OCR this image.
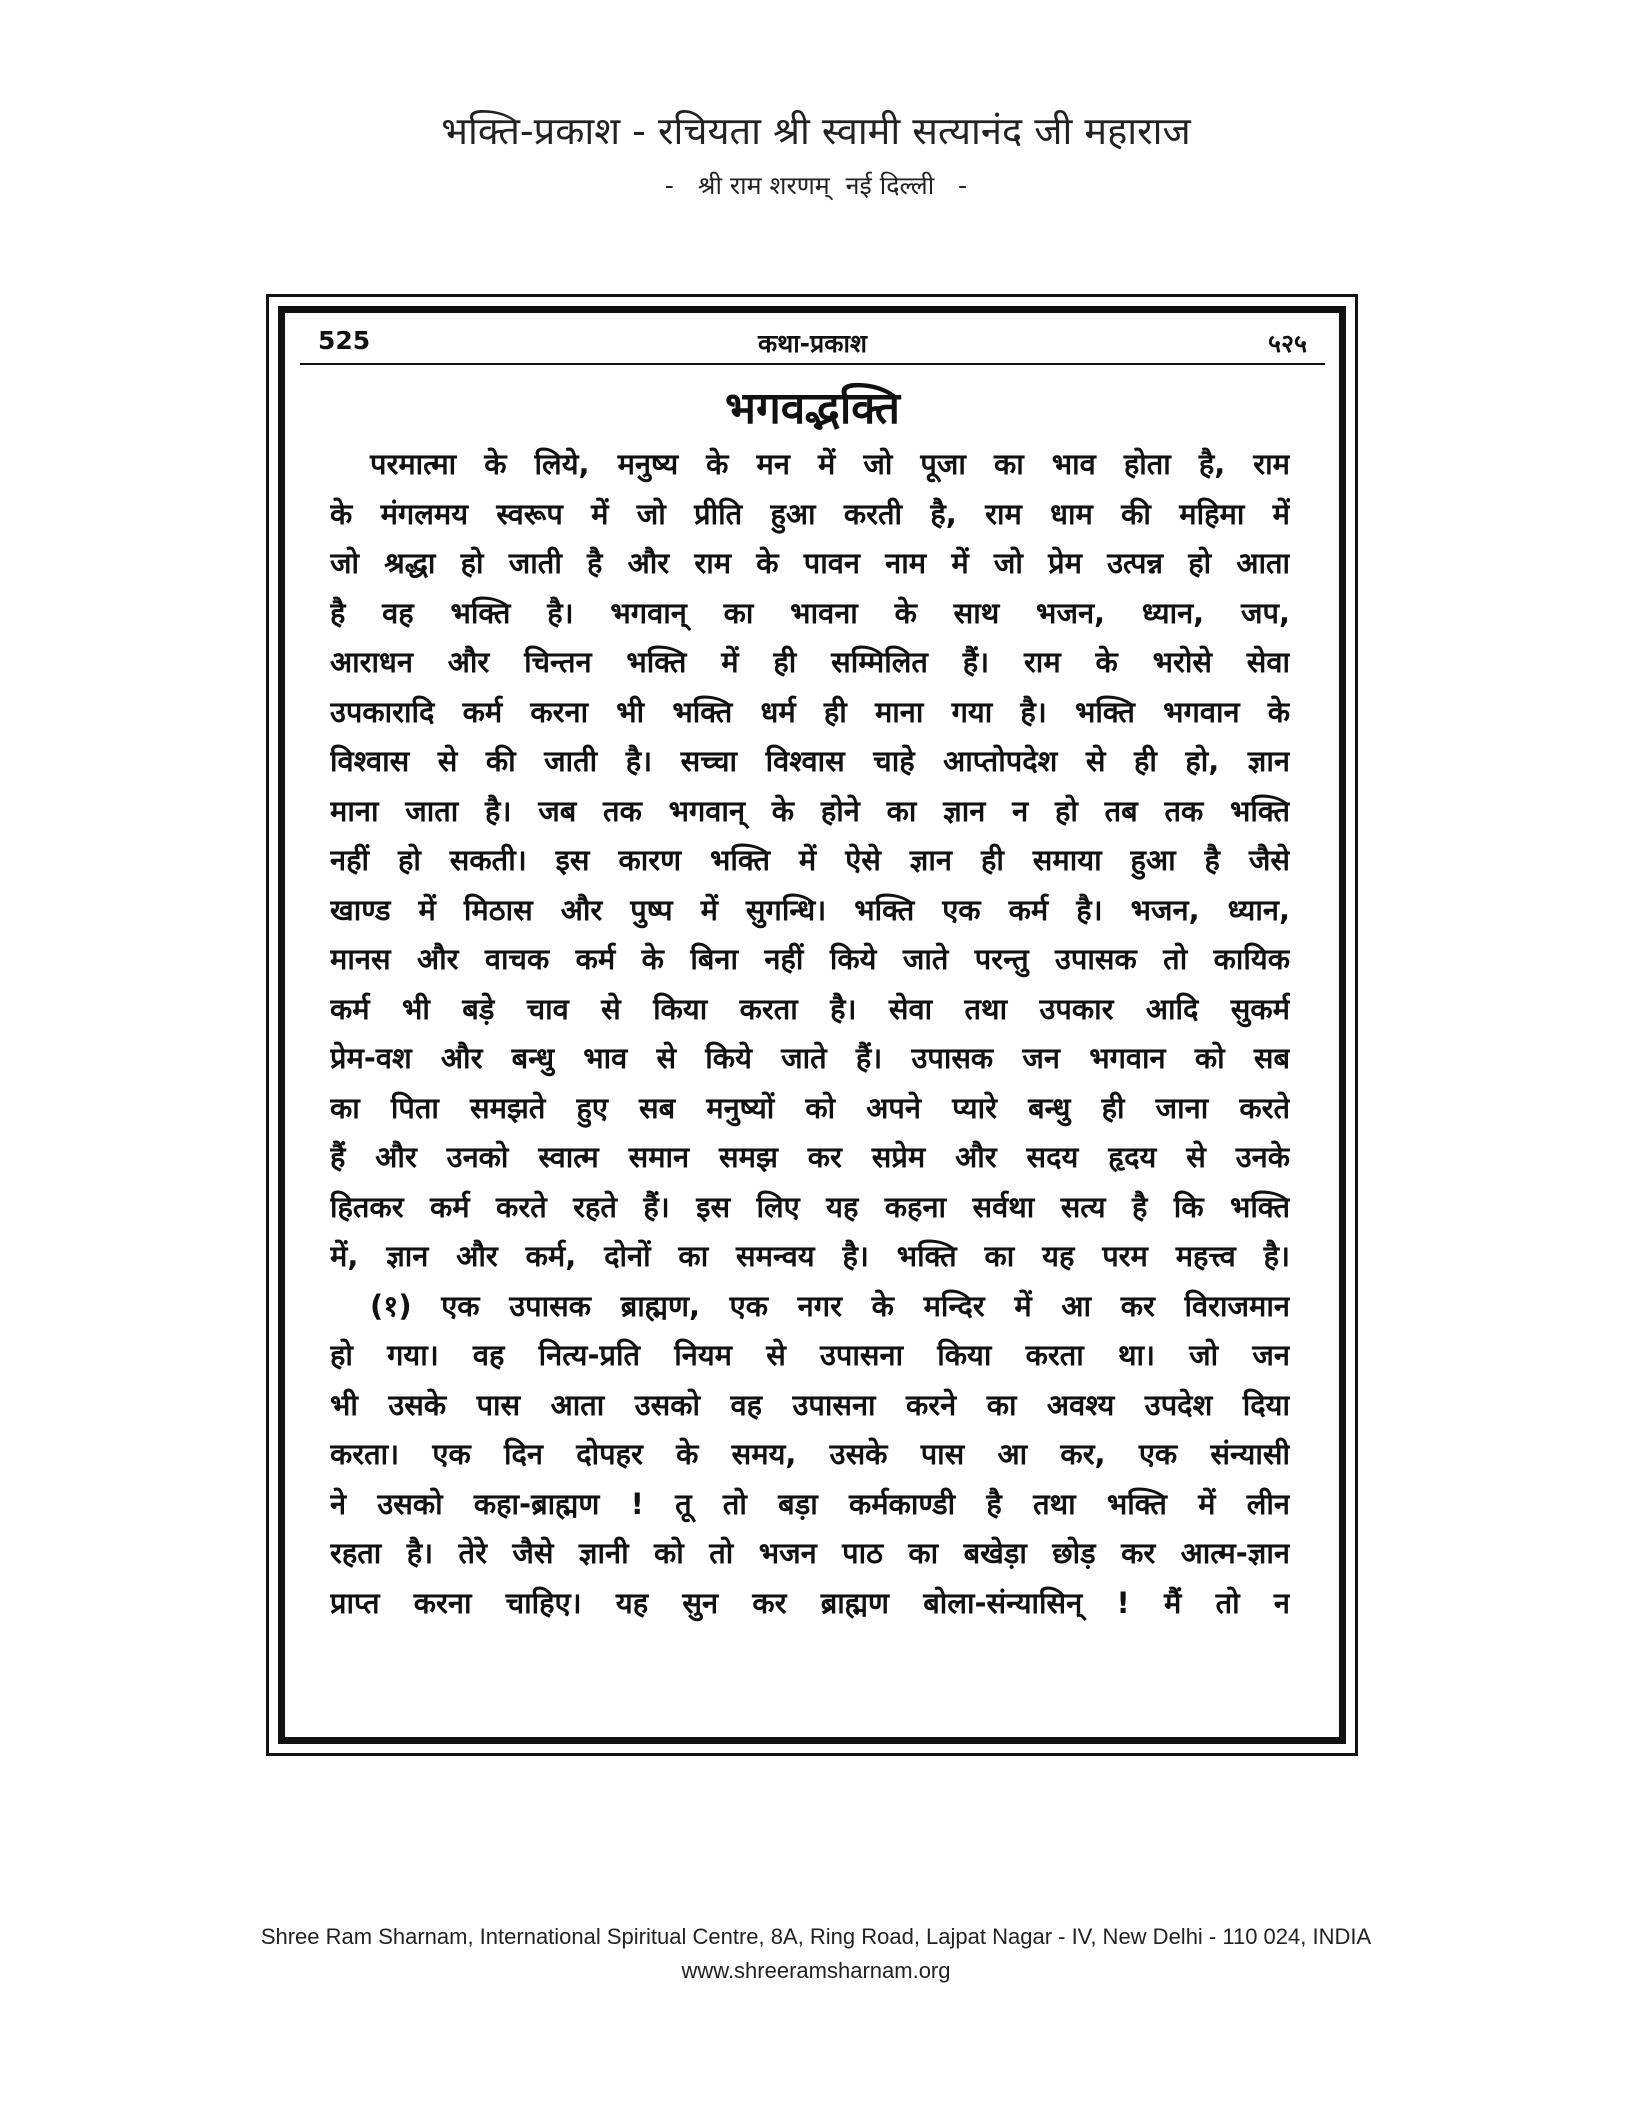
भक्ति-प्रकाश - रचियता श्री स्वामी सत्यानंद जी महाराज
-   श्री राम शरणम्  नई दिल्ली   -
कथा-प्रकाश
525	५२५
भगवद्भक्ति
परमात्मा के लिये, मनुष्य के मन में जो पूजा का भाव होता है, राम
के मंगलमय स्वरूप में जो प्रीति हुआ करती है, राम धाम की महिमा में
जो श्रद्धा हो जाती है और राम के पावन नाम में जो प्रेम उत्पन्न हो आता
है वह भक्ति है। भगवान् का भावना के साथ भजन, ध्यान, जप,
आराधन और चिन्तन भक्ति में ही सम्मिलित हैं। राम के भरोसे सेवा
उपकारादि कर्म करना भी भक्ति धर्म ही माना गया है। भक्ति भगवान के
विश्वास से की जाती है। सच्चा विश्वास चाहे आप्तोपदेश से ही हो, ज्ञान
माना जाता है। जब तक भगवान् के होने का ज्ञान न हो तब तक भक्ति
नहीं हो सकती। इस कारण भक्ति में ऐसे ज्ञान ही समाया हुआ है जैसे
खाण्ड में मिठास और पुष्प में सुगन्धि। भक्ति एक कर्म है। भजन, ध्यान,
मानस और वाचक कर्म के बिना नहीं किये जाते परन्तु उपासक तो कायिक
कर्म भी बड़े चाव से किया करता है। सेवा तथा उपकार आदि सुकर्म
प्रेम-वश और बन्धु भाव से किये जाते हैं। उपासक जन भगवान को सब
का पिता समझते हुए सब मनुष्यों को अपने प्यारे बन्धु ही जाना करते
हैं और उनको स्वात्म समान समझ कर सप्रेम और सदय हृदय से उनके
हितकर कर्म करते रहते हैं। इस लिए यह कहना सर्वथा सत्य है कि भक्ति
में, ज्ञान और कर्म, दोनों का समन्वय है। भक्ति का यह परम महत्त्व है।
(१) एक उपासक ब्राह्मण, एक नगर के मन्दिर में आ कर विराजमान
हो गया। वह नित्य-प्रति नियम से उपासना किया करता था। जो जन
भी उसके पास आता उसको वह उपासना करने का अवश्य उपदेश दिया
करता। एक दिन दोपहर के समय, उसके पास आ कर, एक संन्यासी
ने उसको कहा-ब्राह्मण ! तू तो बड़ा कर्मकाण्डी है तथा भक्ति में लीन
रहता है। तेरे जैसे ज्ञानी को तो भजन पाठ का बखेड़ा छोड़ कर आत्म-ज्ञान
प्राप्त करना चाहिए। यह सुन कर ब्राह्मण बोला-संन्यासिन् ! मैं तो न
Shree Ram Sharnam, International Spiritual Centre, 8A, Ring Road, Lajpat Nagar - IV, New Delhi - 110 024, INDIA
www.shreeramsharnam.org
